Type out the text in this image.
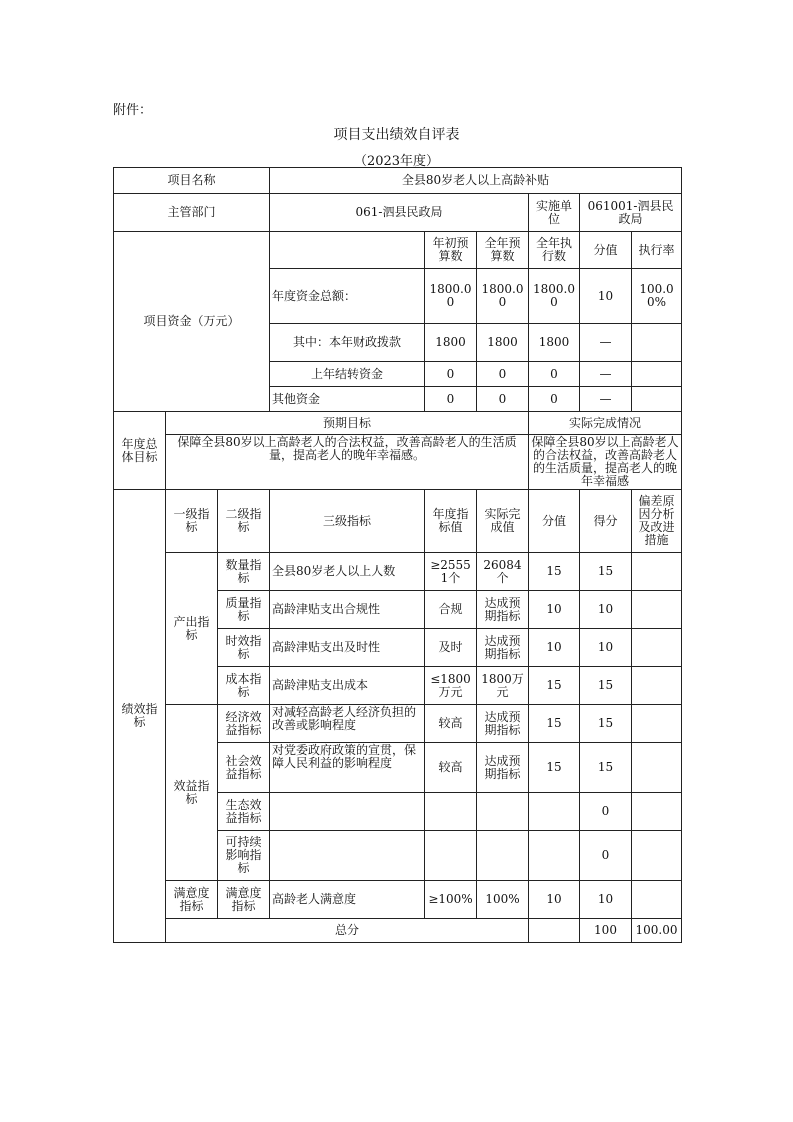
附件：
项目支出绩效自评表
（2023年度）
项目名称			全县80岁老人以上高龄补贴						
主管部门			061-泗县民政局			实施单位	061001-泗县民政局		
项目资金（万元）				年初预算数	全年预算数	全年执行数	分值	执行率	
			年度资金总额：	1800.00	1800.00	1800.00	10	100.00%	
			其中：本年财政拨款	1800	1800	1800	—		
			上年结转资金	0	0	0	—		
			其他资金	0	0	0	—		
年度总体目标	预期目标					实际完成情况			
	保障全县80岁以上高龄老人的合法权益，改善高龄老人的生活质量，提高老人的晚年幸福感。					保障全县80岁以上高龄老人的合法权益，改善高龄老人的生活质量，提高老人的晚年幸福感			
绩效指标	一级指标	二级指标	三级指标	年度指标值	实际完成值	分值	得分	偏差原因分析及改进措施	
	产出指标	数量指标	全县80岁老人以上人数	≥25551个	26084个	15	15		
		质量指标	高龄津贴支出合规性	合规	达成预期指标	10	10		
		时效指标	高龄津贴支出及时性	及时	达成预期指标	10	10		
		成本指标	高龄津贴支出成本	≤1800万元	1800万元	15	15		
	效益指标	经济效益指标	对减轻高龄老人经济负担的改善或影响程度	较高	达成预期指标	15	15		
		社会效益指标	对党委政府政策的宣贯，保障人民利益的影响程度	较高	达成预期指标	15	15		
		生态效益指标					0		
		可持续影响指标					0		
	满意度指标	满意度指标	高龄老人满意度	≥100%	100%	10	10		
	总分						100	100.00	
